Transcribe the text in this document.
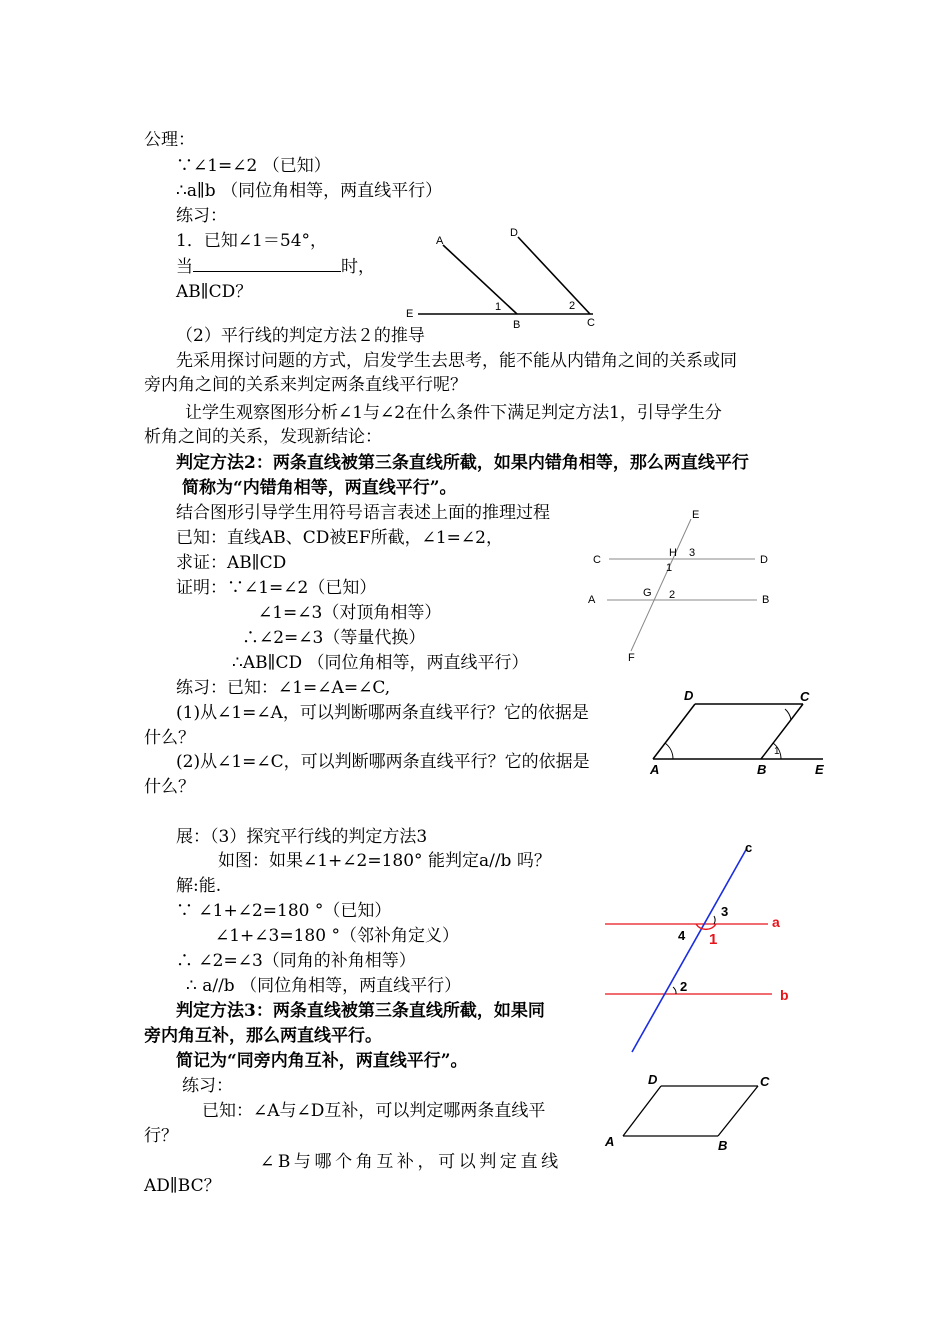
公理：
∵∠1=∠2 （已知）
∴a∥b （同位角相等，两直线平行）
练习：
1．已知∠1＝54°，
当	时，
AB∥CD？
A
D
E
B	C
1	2
（2）平行线的判定方法２的推导
先采用探讨问题的方式，启发学生去思考，能不能从内错角之间的关系或同
旁内角之间的关系来判定两条直线平行呢？
让学生观察图形分析∠1与∠2在什么条件下满足判定方法1，引导学生分
析角之间的关系，发现新结论：
判定方法2：两条直线被第三条直线所截，如果内错角相等，那么两直线平行
简称为“内错角相等，两直线平行”。
结合图形引导学生用符号语言表述上面的推理过程
已知：直线AB、CD被EF所截，∠1=∠2，
求证：AB∥CD
证明：∵∠1=∠2（已知）
∠1=∠3（对顶角相等）
∴∠2=∠3（等量代换）
∴AB∥CD （同位角相等，两直线平行）
练习：已知：∠1=∠A=∠C,
(1)从∠1=∠A，可以判断哪两条直线平行？它的依据是
什么？
(2)从∠1=∠C，可以判断哪两条直线平行？它的依据是
什么？
E
C
H 3
D
1
A
G 2	B
F
D	C
A	B	E
1
展：（3）探究平行线的判定方法3
如图：如果∠1+∠2=180° 能判定a//b 吗？
解:能.
∵ ∠1+∠2=180 °（已知）
∠1+∠3=180 °（邻补角定义）
∴ ∠2=∠3（同角的补角相等）
∴ a//b （同位角相等，两直线平行）
判定方法3：两条直线被第三条直线所截，如果同
旁内角互补，那么两直线平行。
简记为“同旁内角互补，两直线平行”。
练习：
已知：∠A与∠D互补，可以判定哪两条直线平
行？
∠B与哪个角互补，可以判定直线
AD∥BC？
c
3
a
4 1
2
b
D	C
A	B
